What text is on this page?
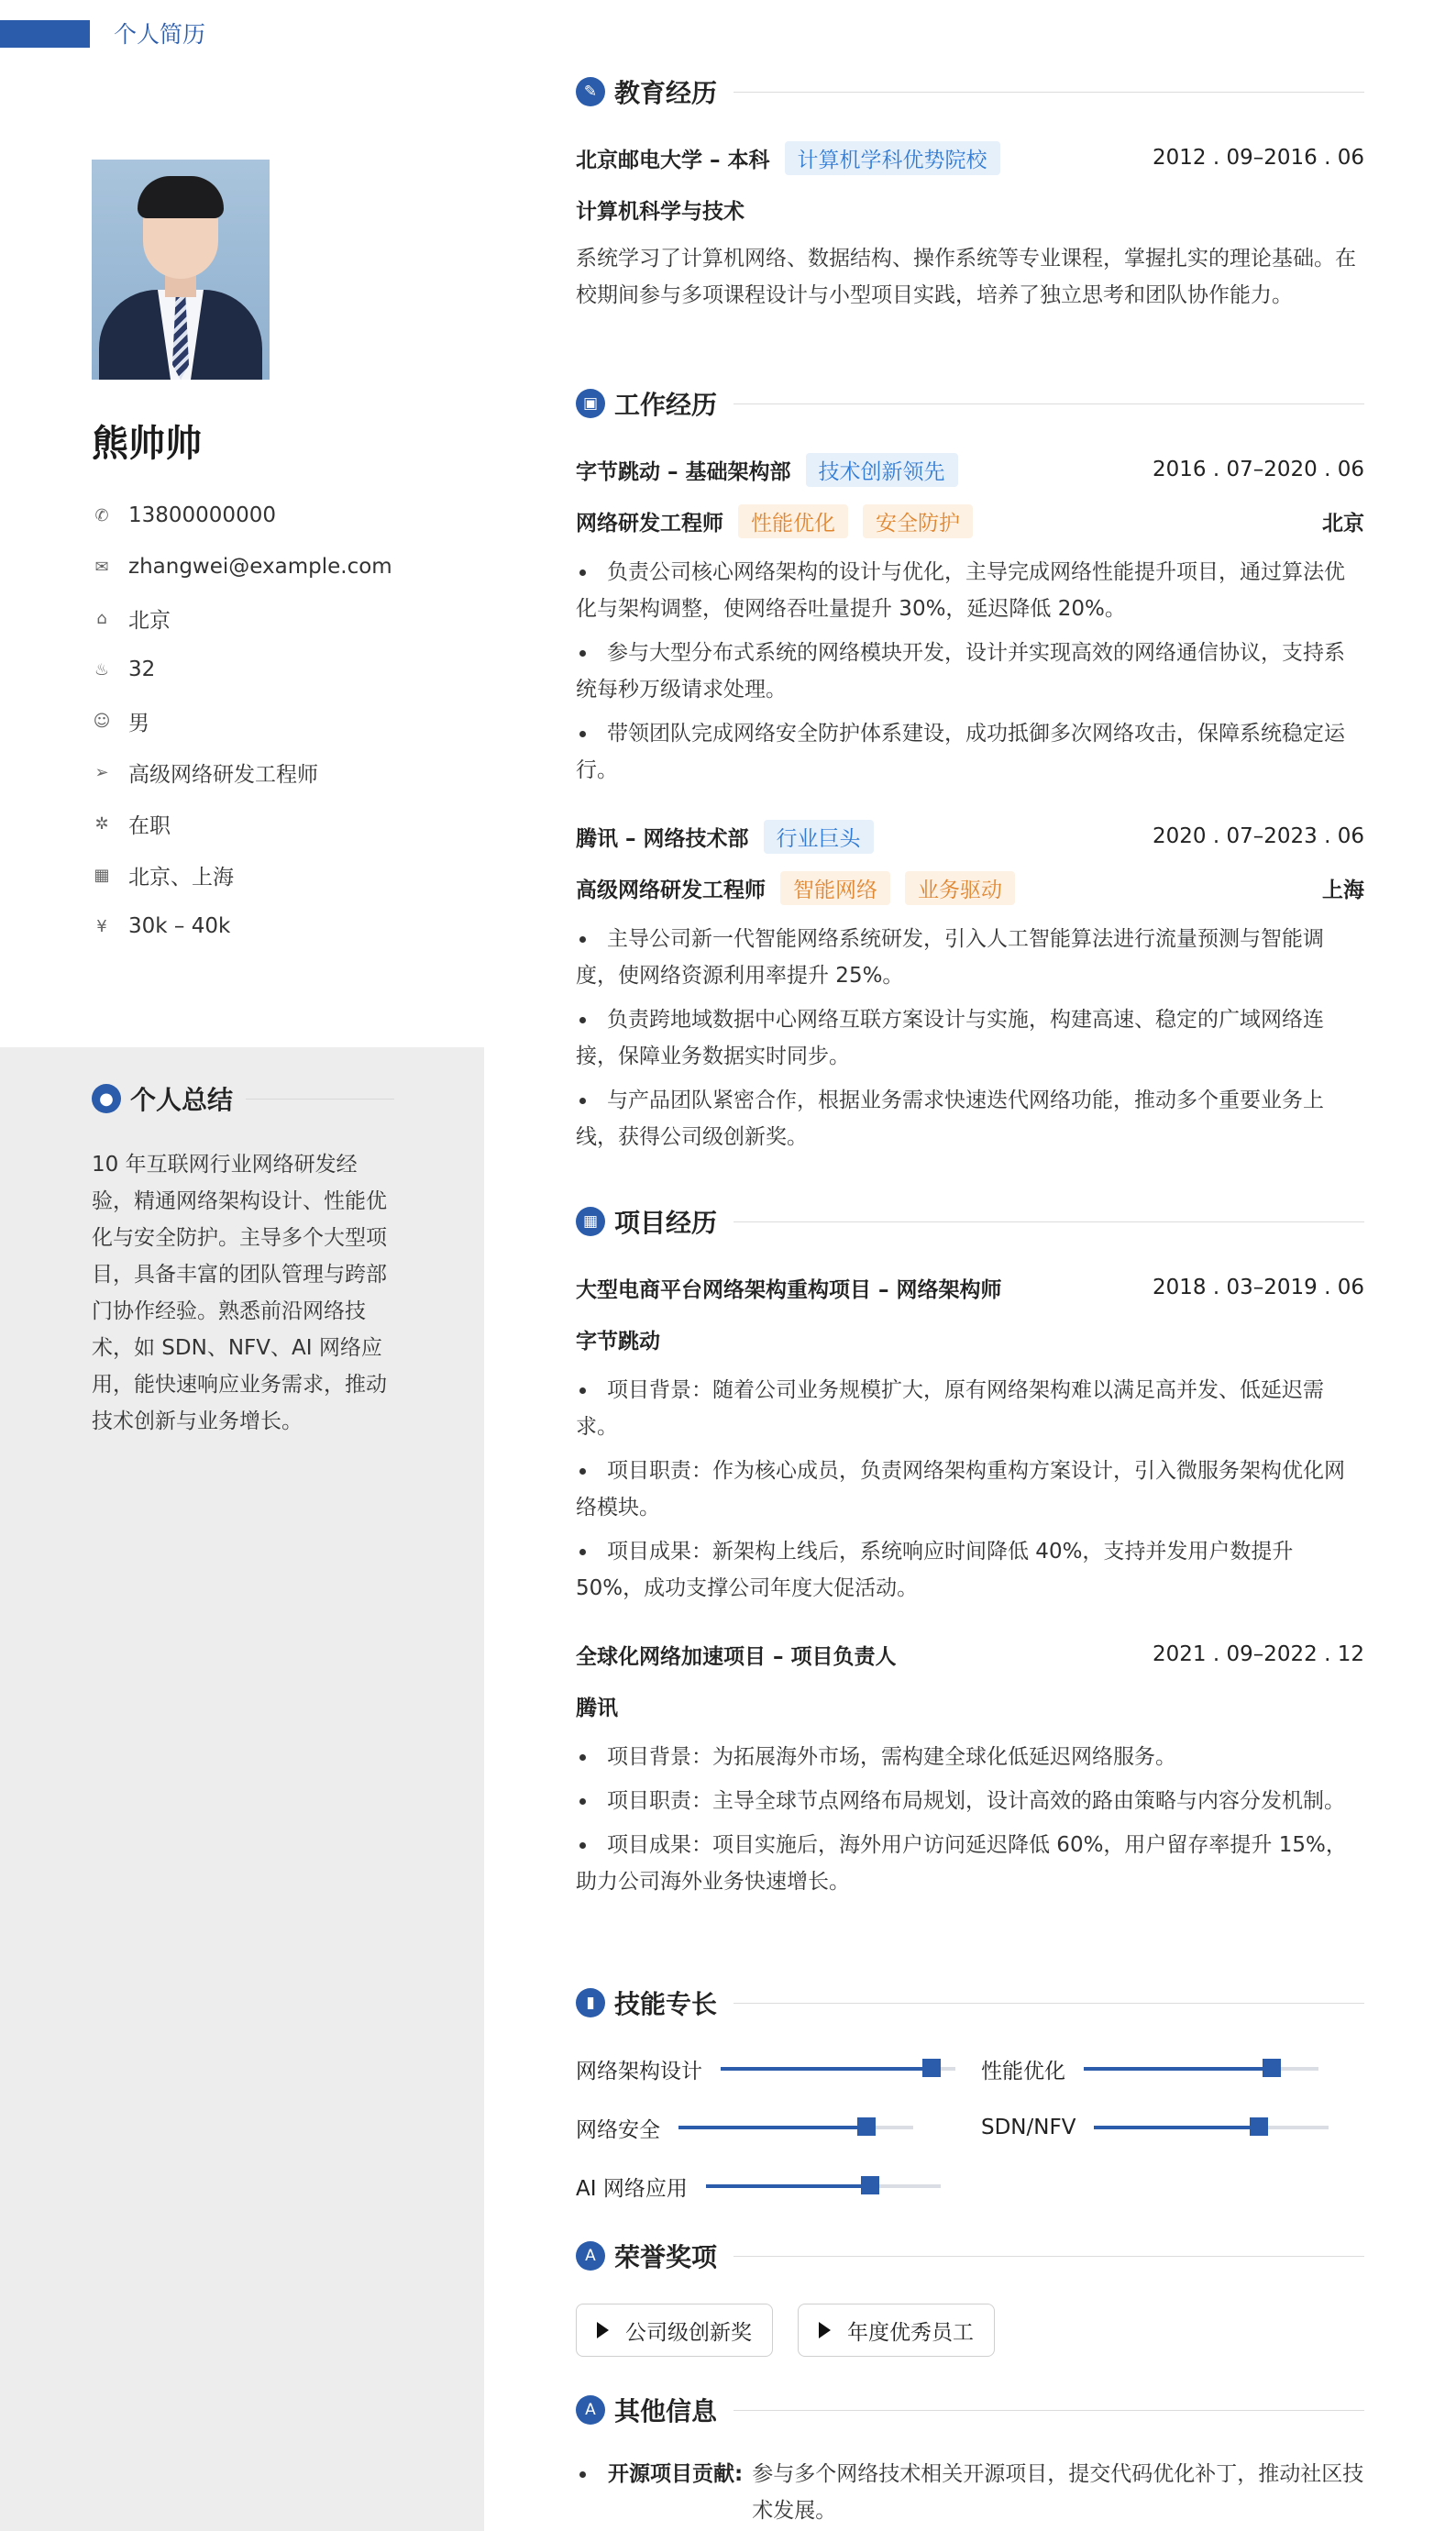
个人简历
熊帅帅
✆ 13800000000
✉ zhangwei@example.com
⌂ 北京
♨ 32
☺ 男
➢ 高级网络研发工程师
✲ 在职
▦ 北京、上海
¥ 30k – 40k
● 个人总结
10 年互联网行业网络研发经验，精通网络架构设计、性能优化与安全防护。主导多个大型项目，具备丰富的团队管理与跨部门协作经验。熟悉前沿网络技术，如 SDN、NFV、AI 网络应用，能快速响应业务需求，推动技术创新与业务增长。
✎ 教育经历
北京邮电大学 – 本科	计算机学科优势院校	2012 . 09–2016 . 06
计算机科学与技术
系统学习了计算机网络、数据结构、操作系统等专业课程，掌握扎实的理论基础。在校期间参与多项课程设计与小型项目实践，培养了独立思考和团队协作能力。
▣ 工作经历
字节跳动 – 基础架构部	技术创新领先	2016 . 07–2020 . 06
网络研发工程师	性能优化	安全防护	北京
负责公司核心网络架构的设计与优化，主导完成网络性能提升项目，通过算法优化与架构调整，使网络吞吐量提升 30%，延迟降低 20%。
参与大型分布式系统的网络模块开发，设计并实现高效的网络通信协议，支持系统每秒万级请求处理。
带领团队完成网络安全防护体系建设，成功抵御多次网络攻击，保障系统稳定运行。
腾讯 – 网络技术部	行业巨头	2020 . 07–2023 . 06
高级网络研发工程师	智能网络	业务驱动	上海
主导公司新一代智能网络系统研发，引入人工智能算法进行流量预测与智能调度，使网络资源利用率提升 25%。
负责跨地域数据中心网络互联方案设计与实施，构建高速、稳定的广域网络连接，保障业务数据实时同步。
与产品团队紧密合作，根据业务需求快速迭代网络功能，推动多个重要业务上线，获得公司级创新奖。
▦ 项目经历
大型电商平台网络架构重构项目 – 网络架构师	2018 . 03–2019 . 06
字节跳动
项目背景：随着公司业务规模扩大，原有网络架构难以满足高并发、低延迟需求。
项目职责：作为核心成员，负责网络架构重构方案设计，引入微服务架构优化网络模块。
项目成果：新架构上线后，系统响应时间降低 40%，支持并发用户数提升 50%，成功支撑公司年度大促活动。
全球化网络加速项目 – 项目负责人	2021 . 09–2022 . 12
腾讯
项目背景：为拓展海外市场，需构建全球化低延迟网络服务。
项目职责：主导全球节点网络布局规划，设计高效的路由策略与内容分发机制。
项目成果：项目实施后，海外用户访问延迟降低 60%，用户留存率提升 15%，助力公司海外业务快速增长。
▮ 技能专长
网络架构设计	性能优化
网络安全	SDN/NFV
AI 网络应用
A 荣誉奖项
公司级创新奖	年度优秀员工
A 其他信息
开源项目贡献: 参与多个网络技术相关开源项目，提交代码优化补丁，推动社区技术发展。
